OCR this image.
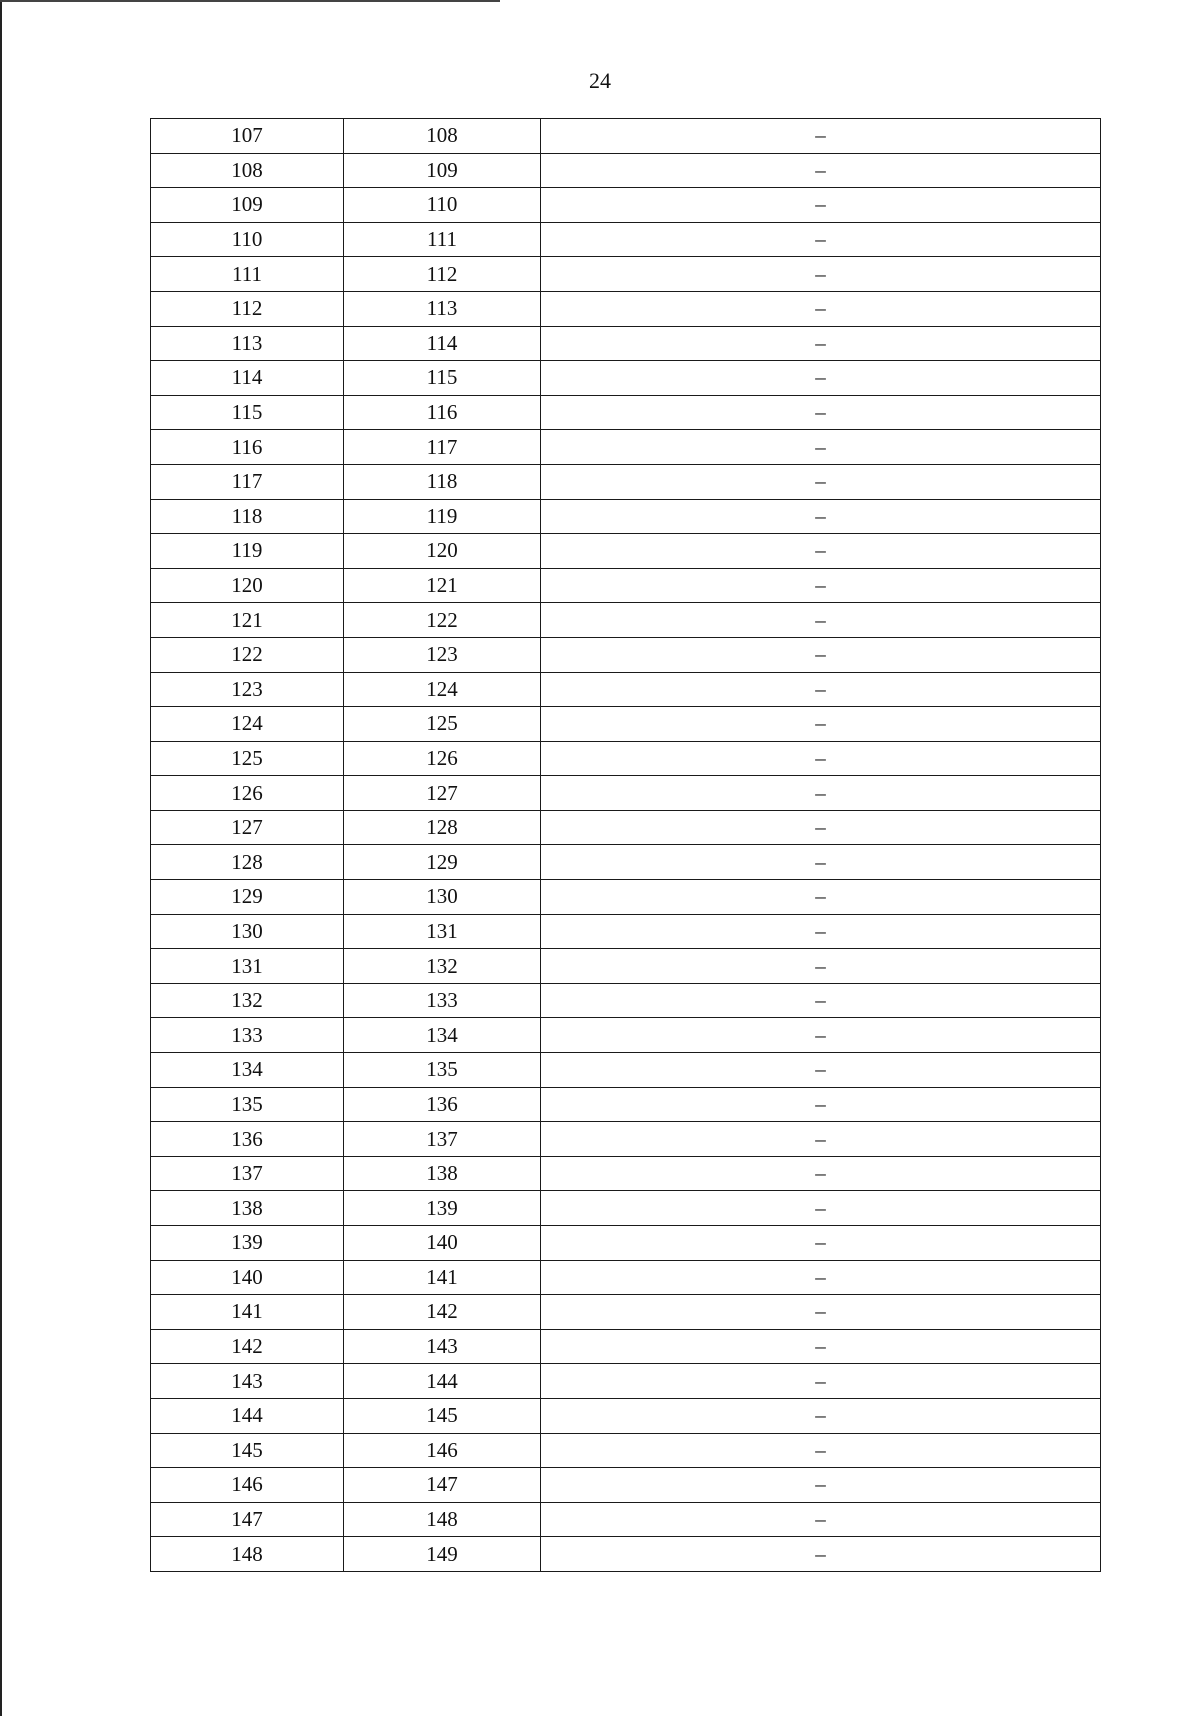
24
107	108	–
108	109	–
109	110	–
110	111	–
111	112	–
112	113	–
113	114	–
114	115	–
115	116	–
116	117	–
117	118	–
118	119	–
119	120	–
120	121	–
121	122	–
122	123	–
123	124	–
124	125	–
125	126	–
126	127	–
127	128	–
128	129	–
129	130	–
130	131	–
131	132	–
132	133	–
133	134	–
134	135	–
135	136	–
136	137	–
137	138	–
138	139	–
139	140	–
140	141	–
141	142	–
142	143	–
143	144	–
144	145	–
145	146	–
146	147	–
147	148	–
148	149	–
